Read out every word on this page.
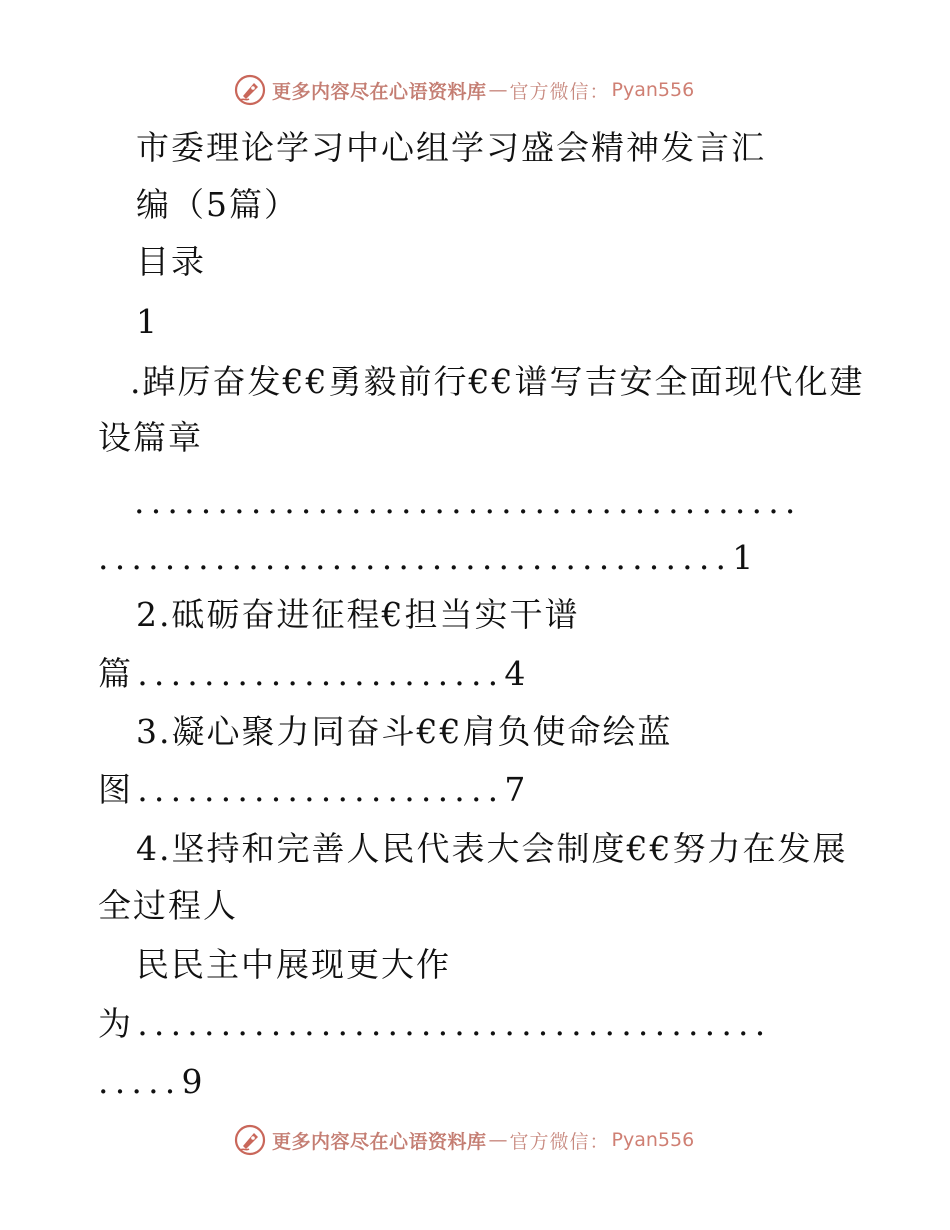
更多内容尽在心语资料库 — 官方微信： Pyan556
市委理论学习中心组学习盛会精神发言汇
编（5篇）
目录
1
.踔厉奋发€€勇毅前行€€谱写吉安全面现代化建
设篇章
........................................
......................................1
2.砥砺奋进征程€担当实干谱
篇......................4
3.凝心聚力同奋斗€€肩负使命绘蓝
图......................7
4.坚持和完善人民代表大会制度€€努力在发展
全过程人
民民主中展现更大作
为......................................
.....9
更多内容尽在心语资料库 — 官方微信： Pyan556
